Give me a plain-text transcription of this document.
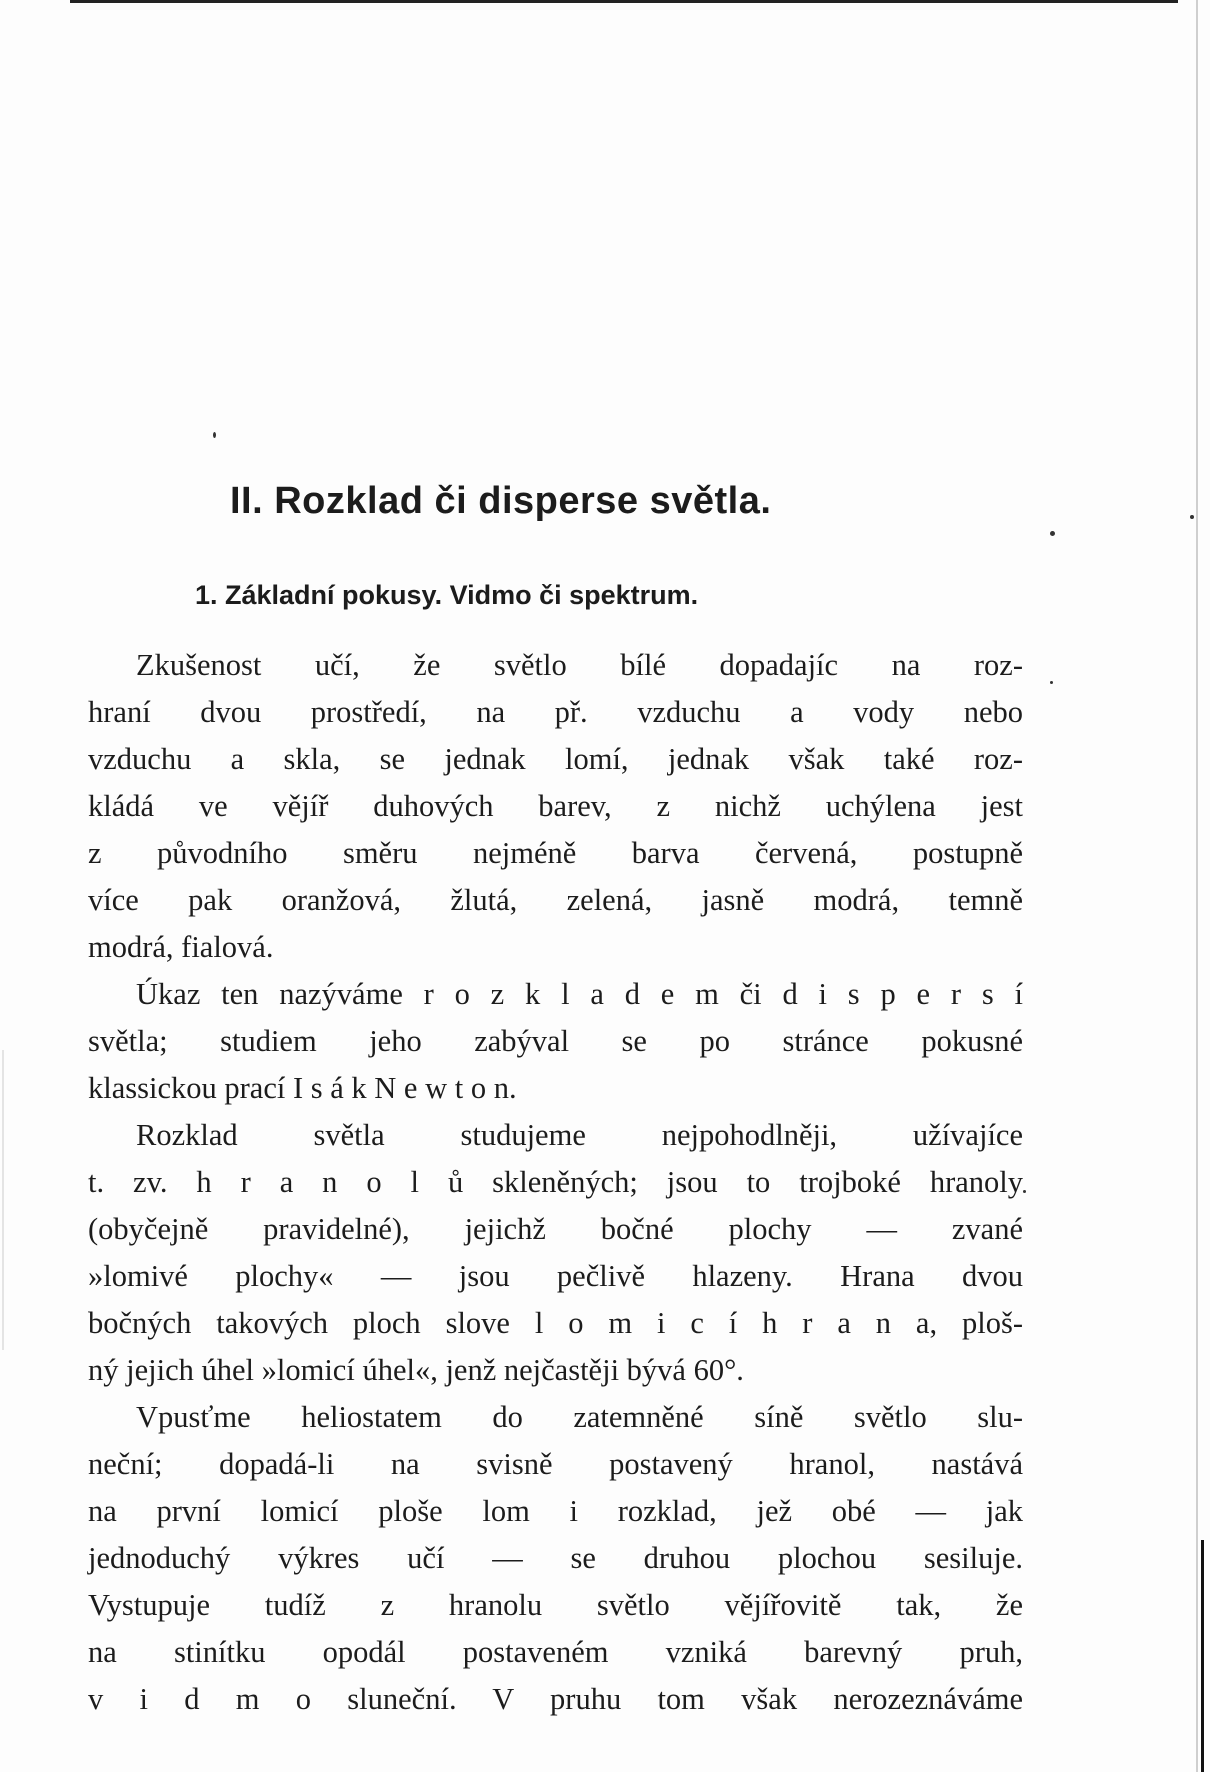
II. Rozklad či disperse světla.
1. Základní pokusy. Vidmo či spektrum.
Zkušenost učí, že světlo bílé dopadajíc na roz-
hraní dvou prostředí, na př. vzduchu a vody nebo
vzduchu a skla, se jednak lomí, jednak však také roz-
kládá ve vějíř duhových barev, z nichž uchýlena jest
z původního směru nejméně barva červená, postupně
více pak oranžová, žlutá, zelená, jasně modrá, temně
modrá, fialová.
Úkaz ten nazýváme r o z k l a d e m či d i s p e r s í
světla; studiem jeho zabýval se po stránce pokusné
klassickou prací I s á k N e w t o n.
Rozklad světla studujeme nejpohodlněji, užívajíce
t. zv. h r a n o l ů skleněných; jsou to trojboké hranoly
(obyčejně pravidelné), jejichž bočné plochy — zvané
»lomivé plochy« — jsou pečlivě hlazeny. Hrana dvou
bočných takových ploch slove l o m i c í h r a n a, ploš-
ný jejich úhel »lomicí úhel«, jenž nejčastěji bývá 60°.
Vpusťme heliostatem do zatemněné síně světlo slu-
neční; dopadá-li na svisně postavený hranol, nastává
na první lomicí ploše lom i rozklad, jež obé — jak
jednoduchý výkres učí — se druhou plochou sesiluje.
Vystupuje tudíž z hranolu světlo vějířovitě tak, že
na stinítku opodál postaveném vzniká barevný pruh,
v i d m o sluneční. V pruhu tom však nerozeznáváme
